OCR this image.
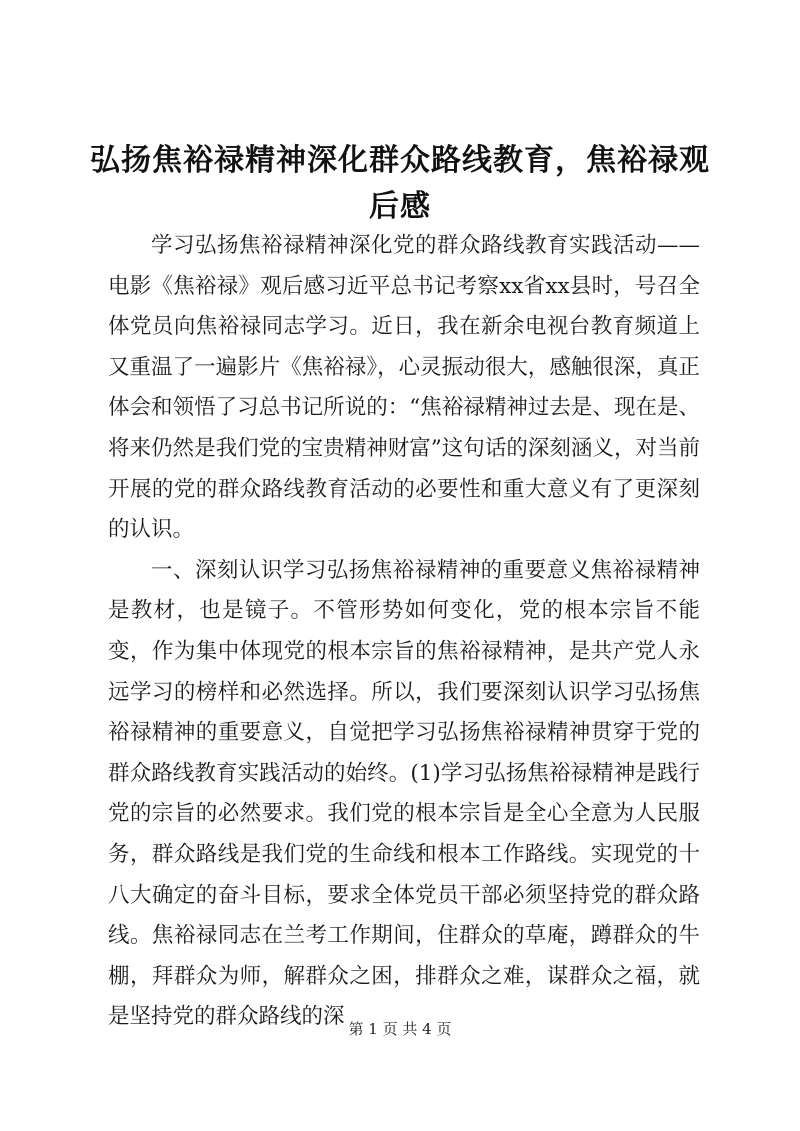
弘扬焦裕禄精神深化群众路线教育，焦裕禄观后感

学习弘扬焦裕禄精神深化党的群众路线教育实践活动——电影《焦裕禄》观后感习近平总书记考察xx省xx县时，号召全体党员向焦裕禄同志学习。近日，我在新余电视台教育频道上又重温了一遍影片《焦裕禄》，心灵振动很大，感触很深，真正体会和领悟了习总书记所说的：“焦裕禄精神过去是、现在是、将来仍然是我们党的宝贵精神财富”这句话的深刻涵义，对当前开展的党的群众路线教育活动的必要性和重大意义有了更深刻的认识。

一、深刻认识学习弘扬焦裕禄精神的重要意义焦裕禄精神是教材，也是镜子。不管形势如何变化，党的根本宗旨不能变，作为集中体现党的根本宗旨的焦裕禄精神，是共产党人永远学习的榜样和必然选择。所以，我们要深刻认识学习弘扬焦裕禄精神的重要意义，自觉把学习弘扬焦裕禄精神贯穿于党的群众路线教育实践活动的始终。(1)学习弘扬焦裕禄精神是践行党的宗旨的必然要求。我们党的根本宗旨是全心全意为人民服务，群众路线是我们党的生命线和根本工作路线。实现党的十八大确定的奋斗目标，要求全体党员干部必须坚持党的群众路线。焦裕禄同志在兰考工作期间，住群众的草庵，蹲群众的牛棚，拜群众为师，解群众之困，排群众之难，谋群众之福，就是坚持党的群众路线的深 第 1 页 共 4 页
